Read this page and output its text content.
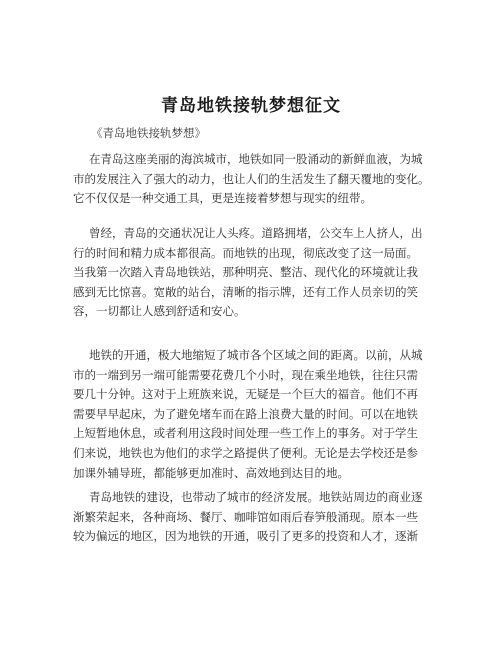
青岛地铁接轨梦想征文
《青岛地铁接轨梦想》
在青岛这座美丽的海滨城市，地铁如同一股涌动的新鲜血液，为城
市的发展注入了强大的动力，也让人们的生活发生了翻天覆地的变化。
它不仅仅是一种交通工具，更是连接着梦想与现实的纽带。
曾经，青岛的交通状况让人头疼。道路拥堵，公交车上人挤人，出
行的时间和精力成本都很高。而地铁的出现，彻底改变了这一局面。
当我第一次踏入青岛地铁站，那种明亮、整洁、现代化的环境就让我
感到无比惊喜。宽敞的站台，清晰的指示牌，还有工作人员亲切的笑
容，一切都让人感到舒适和安心。
地铁的开通，极大地缩短了城市各个区域之间的距离。以前，从城
市的一端到另一端可能需要花费几个小时，现在乘坐地铁，往往只需
要几十分钟。这对于上班族来说，无疑是一个巨大的福音。他们不再
需要早早起床，为了避免堵车而在路上浪费大量的时间。可以在地铁
上短暂地休息，或者利用这段时间处理一些工作上的事务。对于学生
们来说，地铁也为他们的求学之路提供了便利。无论是去学校还是参
加课外辅导班，都能够更加准时、高效地到达目的地。
青岛地铁的建设，也带动了城市的经济发展。地铁站周边的商业逐
渐繁荣起来，各种商场、餐厅、咖啡馆如雨后春笋般涌现。原本一些
较为偏远的地区，因为地铁的开通，吸引了更多的投资和人才，逐渐
